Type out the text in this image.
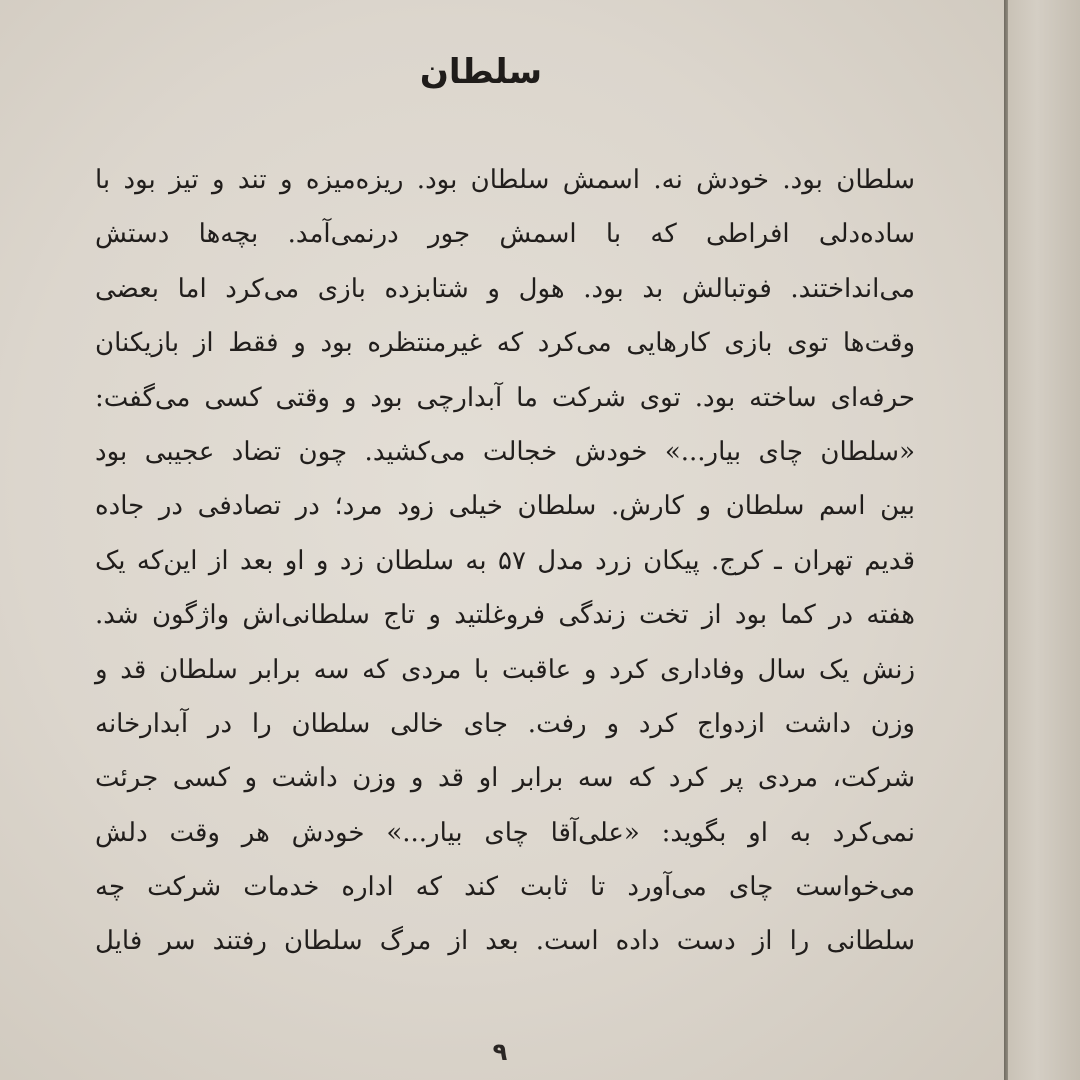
سلطان
سلطان بود. خودش نه. اسمش سلطان بود. ریزه‌میزه و تند و تیز بود با
ساده‌دلی افراطی که با اسمش جور درنمی‌آمد. بچه‌ها دستش
می‌انداختند. فوتبالش بد بود. هول و شتابزده بازی می‌کرد اما بعضی
وقت‌ها توی بازی کارهایی می‌کرد که غیرمنتظره بود و فقط از بازیکنان
حرفه‌ای ساخته بود. توی شرکت ما آبدارچی بود و وقتی کسی می‌گفت:
«سلطان چای بیار...» خودش خجالت می‌کشید. چون تضاد عجیبی بود
بین اسم سلطان و کارش. سلطان خیلی زود مرد؛ در تصادفی در جاده
قدیم تهران ـ کرج. پیکان زرد مدل ۵۷ به سلطان زد و او بعد از این‌که یک
هفته در کما بود از تخت زندگی فروغلتید و تاج سلطانی‌اش واژگون شد.
زنش یک سال وفاداری کرد و عاقبت با مردی که سه برابر سلطان قد و
وزن داشت ازدواج کرد و رفت. جای خالی سلطان را در آبدارخانه
شرکت، مردی پر کرد که سه برابر او قد و وزن داشت و کسی جرئت
نمی‌کرد به او بگوید: «علی‌آقا چای بیار...» خودش هر وقت دلش
می‌خواست چای می‌آورد تا ثابت کند که اداره خدمات شرکت چه
سلطانی را از دست داده است. بعد از مرگ سلطان رفتند سر فایل
۹
